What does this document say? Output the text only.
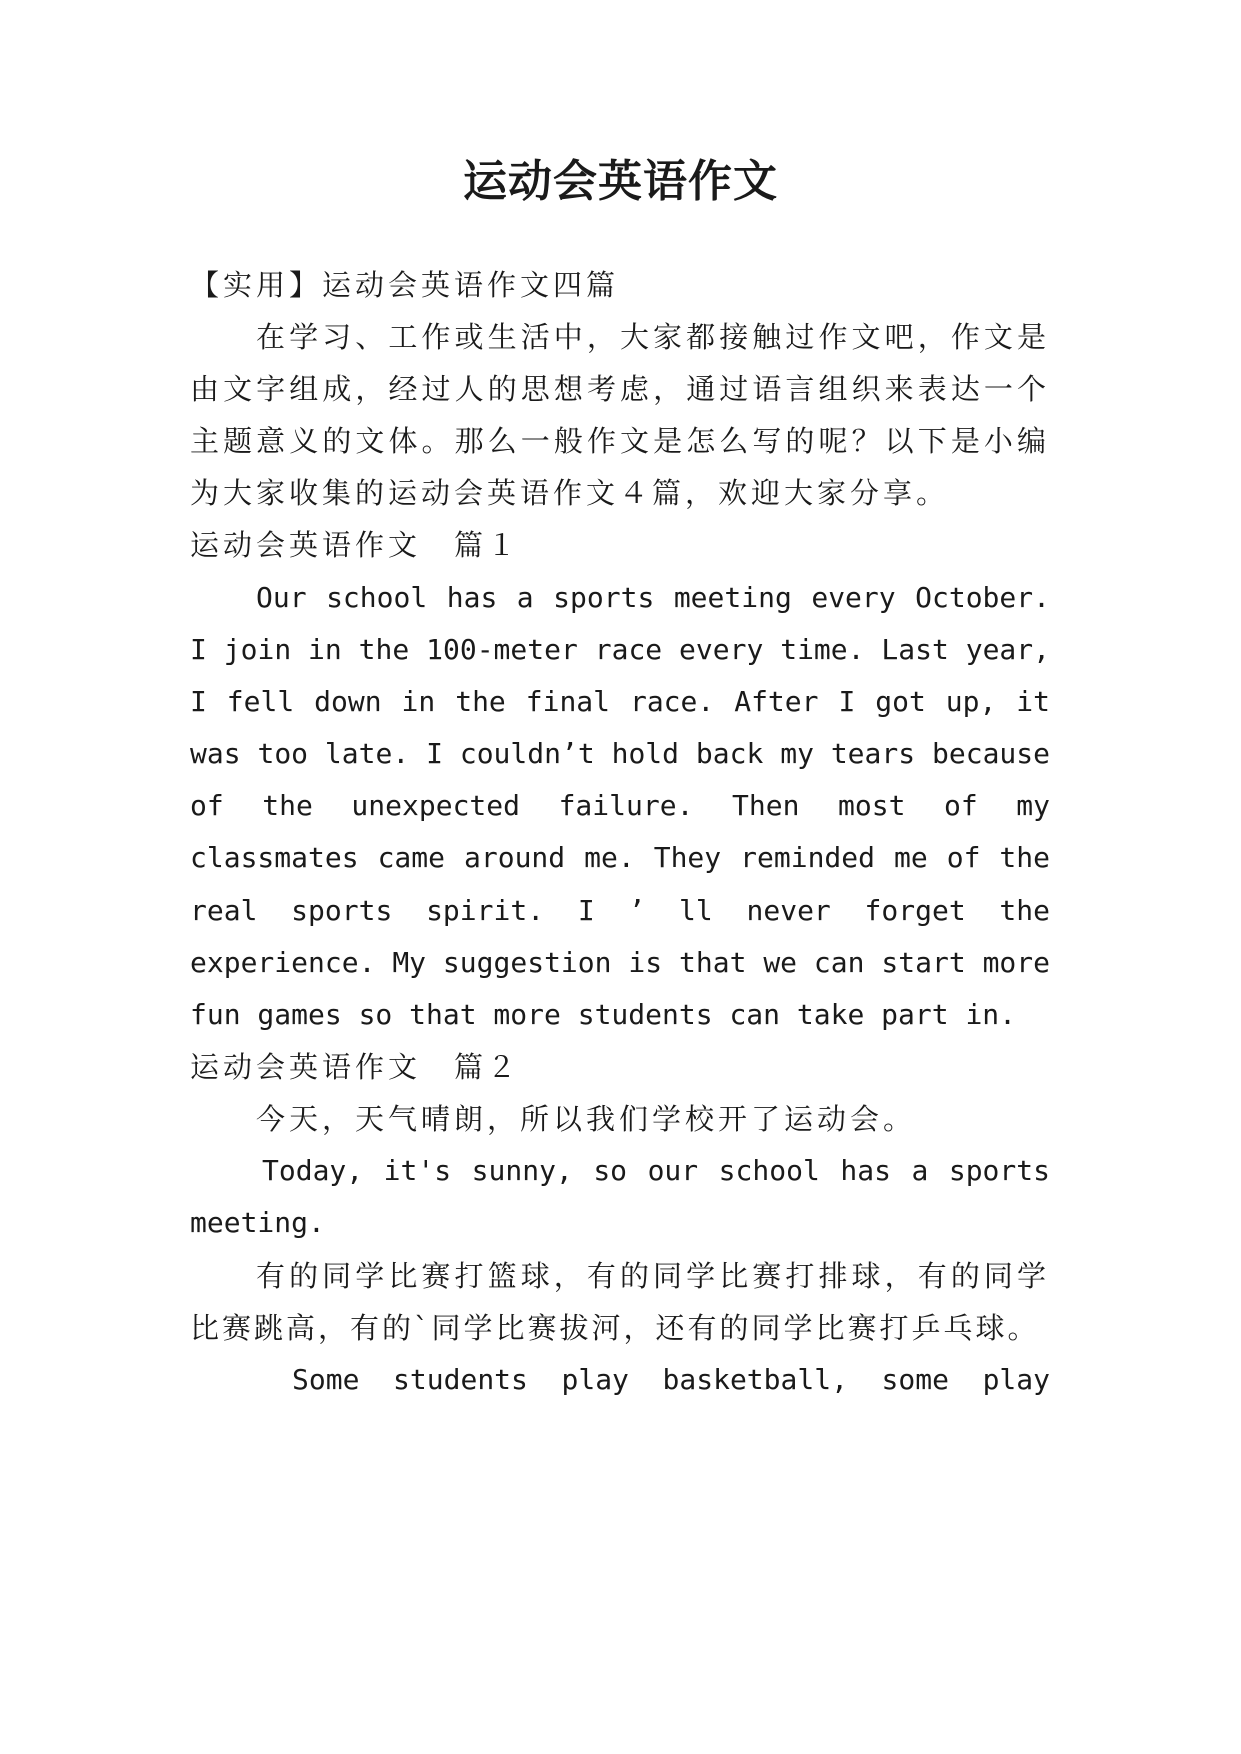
运动会英语作文
【实用】运动会英语作文四篇
在学习、工作或生活中，大家都接触过作文吧，作文是
由文字组成，经过人的思想考虑，通过语言组织来表达一个
主题意义的文体。那么一般作文是怎么写的呢？以下是小编
为大家收集的运动会英语作文４篇，欢迎大家分享。
运动会英语作文　篇１
Our school has a sports meeting every October.
I join in the 100-meter race every time. Last year,
I fell down in the final race. After I got up, it
was too late. I couldn’t hold back my tears because
of the unexpected failure. Then most of my
classmates came around me. They reminded me of the
real sports spirit. I ’ ll never forget the
experience. My suggestion is that we can start more
fun games so that more students can take part in.
运动会英语作文　篇２
今天，天气晴朗，所以我们学校开了运动会。
Today, it's sunny, so our school has a sports
meeting.
有的同学比赛打篮球，有的同学比赛打排球，有的同学
比赛跳高，有的`同学比赛拔河，还有的同学比赛打乒乓球。
Some students play basketball, some play
